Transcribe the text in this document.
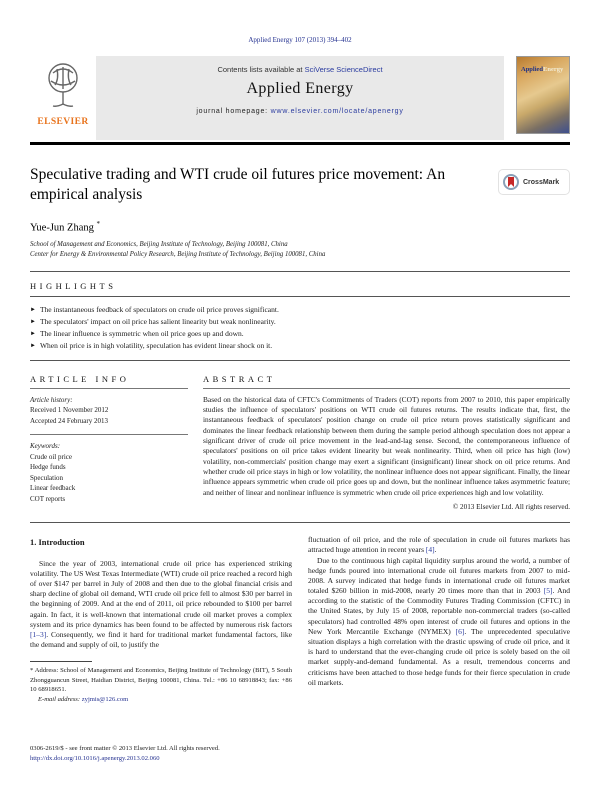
Applied Energy 107 (2013) 394–402
ELSEVIER
Contents lists available at SciVerse ScienceDirect
Applied Energy
journal homepage: www.elsevier.com/locate/apenergy
AppliedEnergy
Speculative trading and WTI crude oil futures price movement: An empirical analysis
CrossMark
Yue-Jun Zhang *
School of Management and Economics, Beijing Institute of Technology, Beijing 100081, China
Center for Energy & Environmental Policy Research, Beijing Institute of Technology, Beijing 100081, China
HIGHLIGHTS
► The instantaneous feedback of speculators on crude oil price proves significant.
► The speculators' impact on oil price has salient linearity but weak nonlinearity.
► The linear influence is symmetric when oil price goes up and down.
► When oil price is in high volatility, speculation has evident linear shock on it.
ARTICLE INFO
Article history:
Received 1 November 2012
Accepted 24 February 2013
Keywords:
Crude oil price
Hedge funds
Speculation
Linear feedback
COT reports
ABSTRACT

Based on the historical data of CFTC's Commitments of Traders (COT) reports from 2007 to 2010, this paper empirically studies the influence of speculators' positions on WTI crude oil futures returns. The results indicate that, first, the instantaneous feedback of speculators' position change on crude oil price return proves statistically significant and dominates the linear feedback relationship between them during the sample period although speculation does not appear a significant driver of crude oil price movement in the lead-and-lag sense. Second, the contemporaneous influence of speculators' positions on oil price takes evident linearity but weak nonlinearity. Third, when oil price has high (low) volatility, non-commercials' position change may exert a significant (insignificant) linear shock on oil price returns. And whether crude oil price stays in high or low volatility, the nonlinear influence does not appear significant. Finally, the linear influence appears symmetric when crude oil price goes up and down, but the nonlinear influence takes asymmetric feature; and neither of linear and nonlinear influence is symmetric when crude oil price experiences high and low volatility.

© 2013 Elsevier Ltd. All rights reserved.
1. Introduction

Since the year of 2003, international crude oil price has experienced striking volatility. The US West Texas Intermediate (WTI) crude oil price reached a record high of over $147 per barrel in July of 2008 and then due to the global financial crisis and sharp decline of global oil demand, WTI crude oil price fell to almost $30 per barrel in the beginning of 2009. And at the end of 2011, oil price rebounded to $100 per barrel again. In fact, it is well-known that international crude oil market proves a complex system and its price dynamics has been found to be affected by numerous risk factors [1–3]. Consequently, we find it hard for traditional market fundamental factors, like the demand and supply of oil, to justify the

* Address: School of Management and Economics, Beijing Institute of Technology (BIT), 5 South Zhongguancun Street, Haidian District, Beijing 100081, China. Tel.: +86 10 68918843; fax: +86 10 68918651.
E-mail address: zyjmis@126.com

fluctuation of oil price, and the role of speculation in crude oil futures markets has attracted huge attention in recent years [4].

Due to the continuous high capital liquidity surplus around the world, a number of hedge funds poured into international crude oil futures markets from 2007 to mid-2008. A survey indicated that hedge funds in international crude oil futures market totaled $260 billion in mid-2008, nearly 20 times more than that in 2003 [5]. And according to the statistic of the Commodity Futures Trading Commission (CFTC) in the United States, by July 15 of 2008, reportable non-commercial traders (so-called speculators) had controlled 48% open interest of crude oil futures and options in the New York Mercantile Exchange (NYMEX) [6]. The unprecedented speculative situation displays a high correlation with the drastic upswing of crude oil price, and it is hard to understand that the ever-changing crude oil price is solely based on the oil market supply-and-demand fundamental. As a result, tremendous concerns and criticisms have been attached to those hedge funds for their fierce speculation in crude oil markets.

0306-2619/$ - see front matter © 2013 Elsevier Ltd. All rights reserved.
http://dx.doi.org/10.1016/j.apenergy.2013.02.060
